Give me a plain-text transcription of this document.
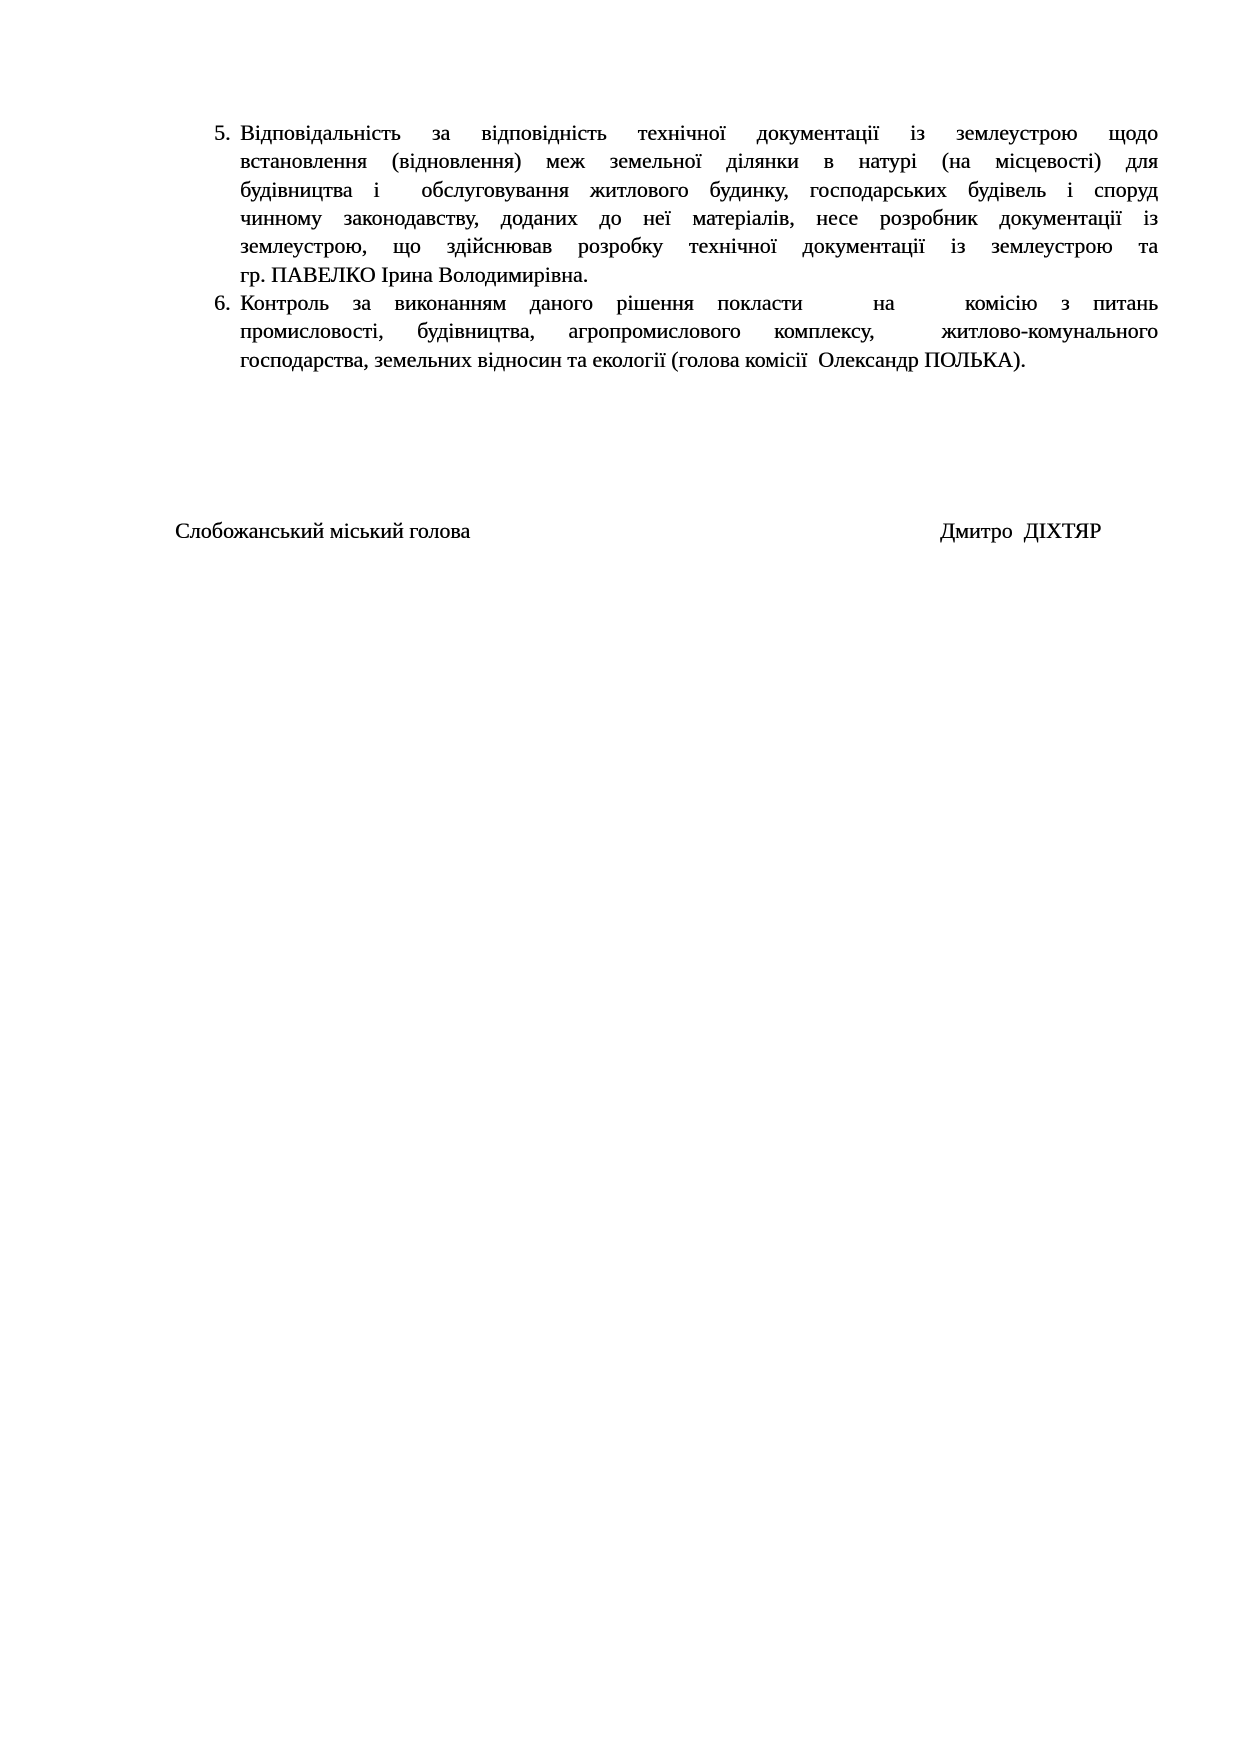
5. Відповідальність за відповідність технічної документації із землеустрою щодо
встановлення (відновлення) меж земельної ділянки в натурі (на місцевості) для
будівництва і  обслуговування житлового будинку, господарських будівель і споруд
чинному законодавству, доданих до неї матеріалів, несе розробник документації із
землеустрою, що здійснював розробку технічної документації із землеустрою та
гр. ПАВЕЛКО Ірина Володимирівна.
6. Контроль за виконанням даного рішення покласти   на   комісію з питань
промисловості, будівництва, агропромислового комплексу,  житлово-комунального
господарства, земельних відносин та екології (голова комісії  Олександр ПОЛЬКА).
Слобожанський міський голова	Дмитро  ДІХТЯР
